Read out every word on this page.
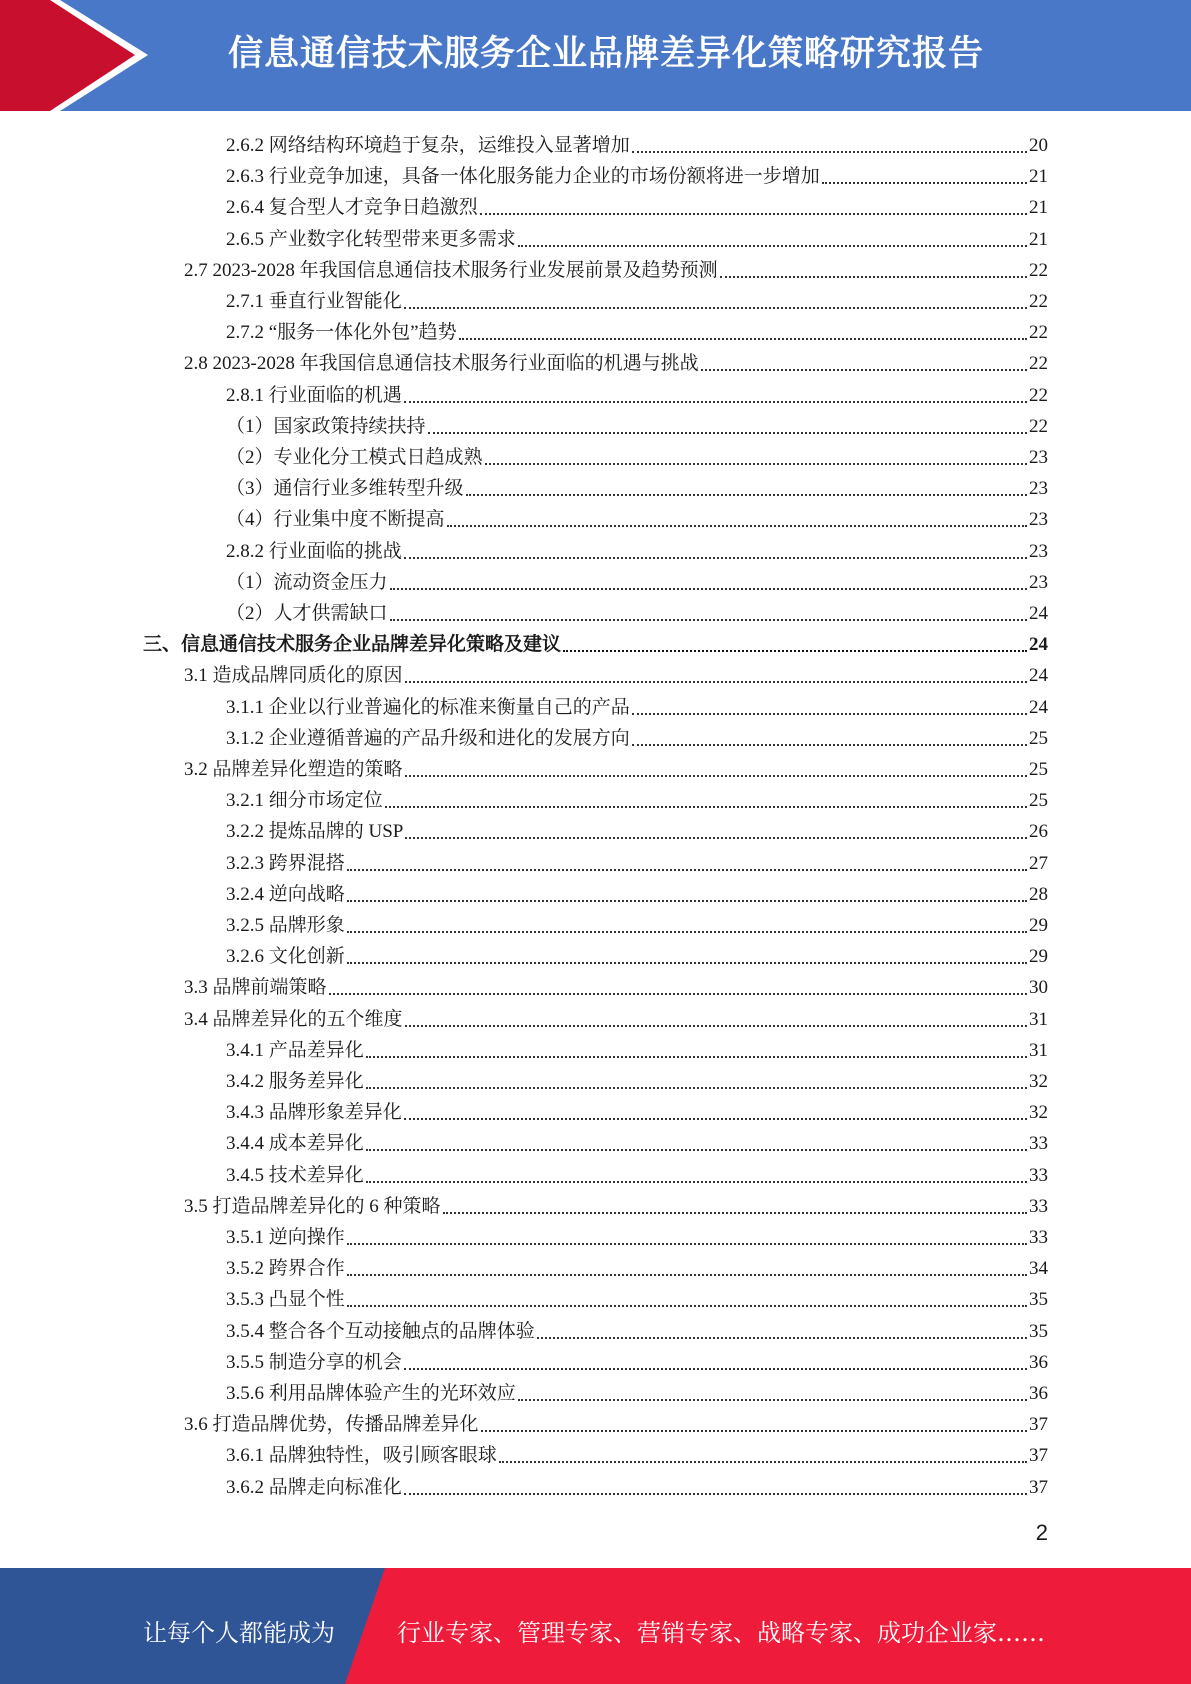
信息通信技术服务企业品牌差异化策略研究报告
2.6.2 网络结构环境趋于复杂，运维投入显著增加	20
2.6.3 行业竞争加速，具备一体化服务能力企业的市场份额将进一步增加	21
2.6.4 复合型人才竞争日趋激烈	21
2.6.5 产业数字化转型带来更多需求	21
2.7 2023-2028 年我国信息通信技术服务行业发展前景及趋势预测	22
2.7.1 垂直行业智能化	22
2.7.2 “服务一体化外包”趋势	22
2.8 2023-2028 年我国信息通信技术服务行业面临的机遇与挑战	22
2.8.1 行业面临的机遇	22
（1）国家政策持续扶持	22
（2）专业化分工模式日趋成熟	23
（3）通信行业多维转型升级	23
（4）行业集中度不断提高	23
2.8.2 行业面临的挑战	23
（1）流动资金压力	23
（2）人才供需缺口	24
三、信息通信技术服务企业品牌差异化策略及建议	24
3.1 造成品牌同质化的原因	24
3.1.1 企业以行业普遍化的标准来衡量自己的产品	24
3.1.2 企业遵循普遍的产品升级和进化的发展方向	25
3.2 品牌差异化塑造的策略	25
3.2.1 细分市场定位	25
3.2.2 提炼品牌的 USP	26
3.2.3 跨界混搭	27
3.2.4 逆向战略	28
3.2.5 品牌形象	29
3.2.6 文化创新	29
3.3 品牌前端策略	30
3.4 品牌差异化的五个维度	31
3.4.1 产品差异化	31
3.4.2 服务差异化	32
3.4.3 品牌形象差异化	32
3.4.4 成本差异化	33
3.4.5 技术差异化	33
3.5 打造品牌差异化的 6 种策略	33
3.5.1 逆向操作	33
3.5.2 跨界合作	34
3.5.3 凸显个性	35
3.5.4 整合各个互动接触点的品牌体验	35
3.5.5 制造分享的机会	36
3.5.6 利用品牌体验产生的光环效应	36
3.6 打造品牌优势，传播品牌差异化	37
3.6.1 品牌独特性，吸引顾客眼球	37
3.6.2 品牌走向标准化	37
2
让每个人都能成为	行业专家、管理专家、营销专家、战略专家、成功企业家……
